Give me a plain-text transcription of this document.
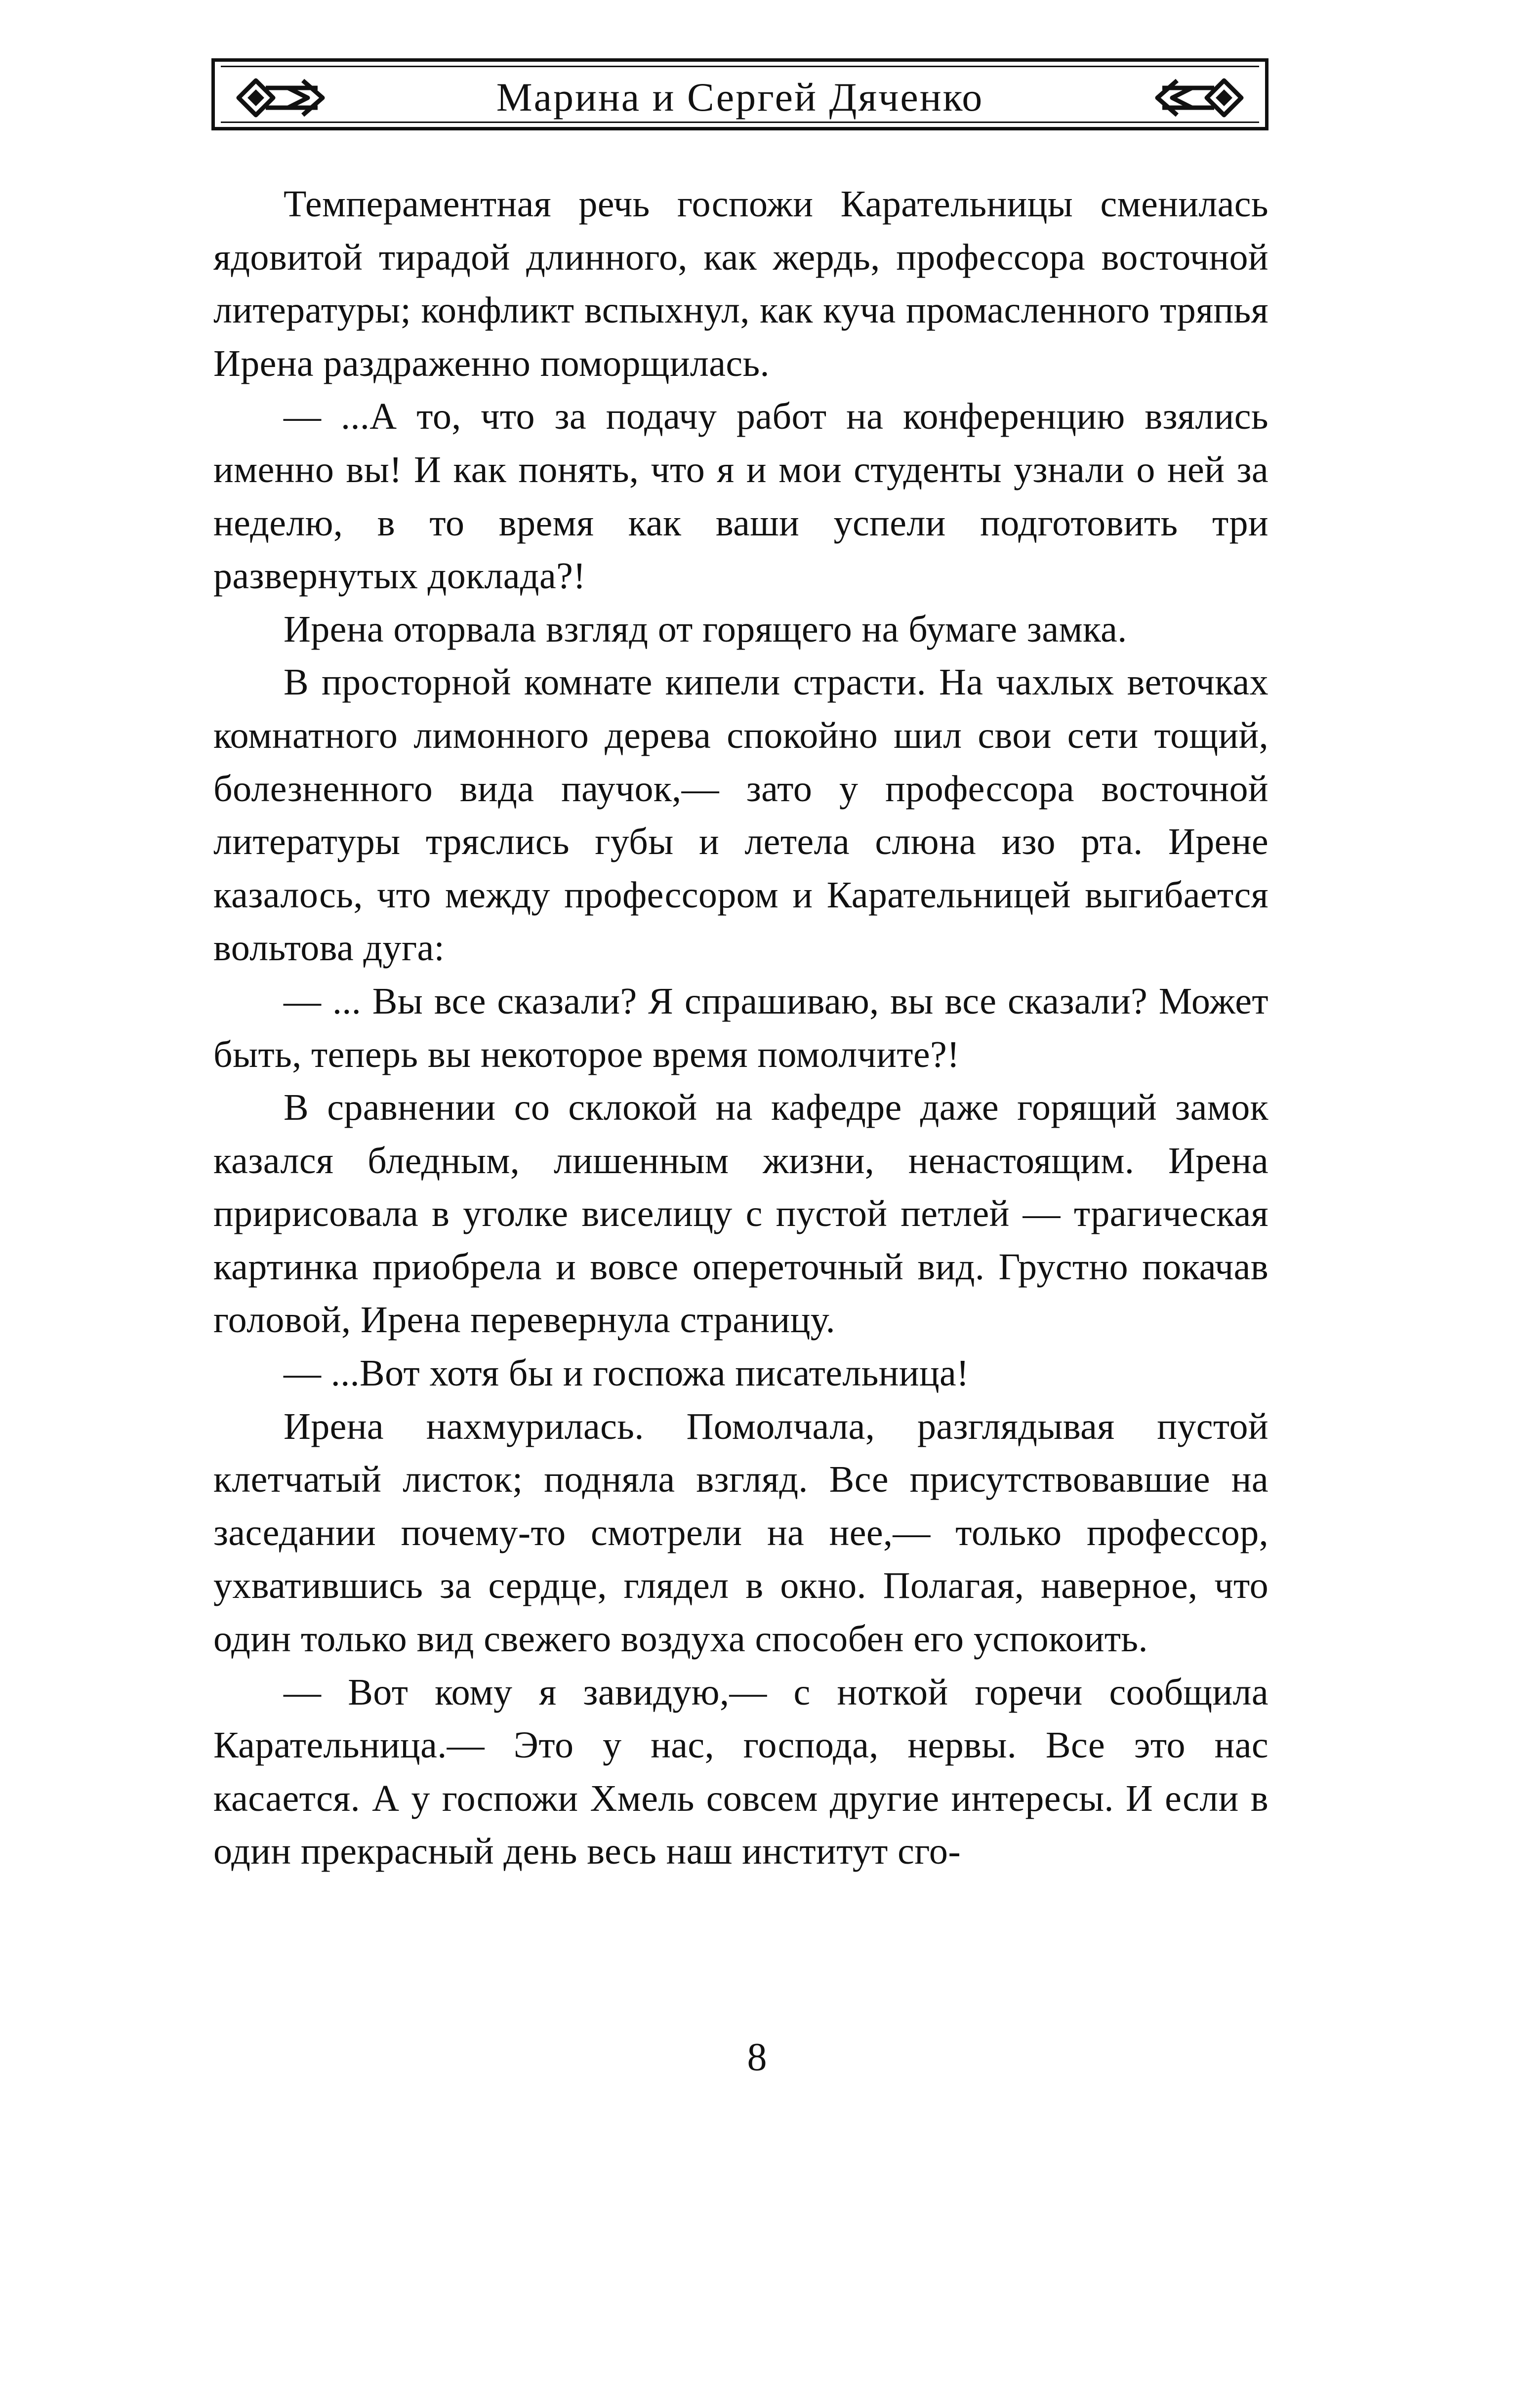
Марина и Сергей Дяченко

Темпераментная речь госпожи Карательницы сменилась ядовитой тирадой длинного, как жердь, профессора восточной литературы; конфликт вспыхнул, как куча промасленного тряпья Ирена раздраженно поморщилась.

— ...А то, что за подачу работ на конференцию взялись именно вы! И как понять, что я и мои студенты узнали о ней за неделю, в то время как ваши успели подготовить три развернутых доклада?!

Ирена оторвала взгляд от горящего на бумаге замка.

В просторной комнате кипели страсти. На чахлых веточках комнатного лимонного дерева спокойно шил свои сети тощий, болезненного вида паучок,— зато у профессора восточной литературы тряслись губы и летела слюна изо рта. Ирене казалось, что между профессором и Карательницей выгибается вольтова дуга:

— ... Вы все сказали? Я спрашиваю, вы все сказали? Может быть, теперь вы некоторое время помолчите?!

В сравнении со склокой на кафедре даже горящий замок казался бледным, лишенным жизни, ненастоящим. Ирена пририсовала в уголке виселицу с пустой петлей — трагическая картинка приобрела и вовсе опереточный вид. Грустно покачав головой, Ирена перевернула страницу.

— ...Вот хотя бы и госпожа писательница!

Ирена нахмурилась. Помолчала, разглядывая пустой клетчатый листок; подняла взгляд. Все присутствовавшие на заседании почему-то смотрели на нее,— только профессор, ухватившись за сердце, глядел в окно. Полагая, наверное, что один только вид свежего воздуха способен его успокоить.

— Вот кому я завидую,— с ноткой горечи сообщила Карательница.— Это у нас, господа, нервы. Все это нас касается. А у госпожи Хмель совсем другие интересы. И если в один прекрасный день весь наш институт сго-

8
